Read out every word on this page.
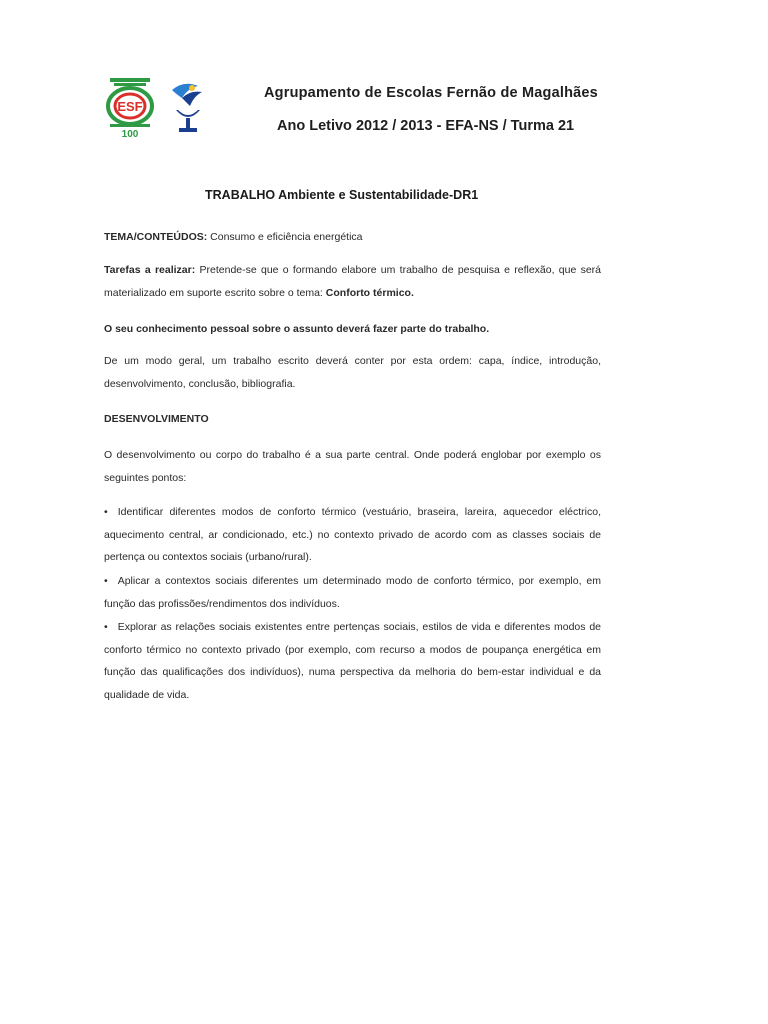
ESF
100
Agrupamento de Escolas Fernão de Magalhães
Ano Letivo 2012 / 2013 - EFA-NS / Turma 21
TRABALHO Ambiente e Sustentabilidade-DR1
TEMA/CONTEÚDOS: Consumo e eficiência energética
Tarefas a realizar: Pretende-se que o formando elabore um trabalho de pesquisa e reflexão, que será materializado em suporte escrito sobre o tema: Conforto térmico.
O seu conhecimento pessoal sobre o assunto deverá fazer parte do trabalho.
De um modo geral, um trabalho escrito deverá conter por esta ordem: capa, índice, introdução, desenvolvimento, conclusão, bibliografia.
DESENVOLVIMENTO
O desenvolvimento ou corpo do trabalho é a sua parte central. Onde poderá englobar por exemplo os seguintes pontos:
• Identificar diferentes modos de conforto térmico (vestuário, braseira, lareira, aquecedor eléctrico, aquecimento central, ar condicionado, etc.) no contexto privado de acordo com as classes sociais de pertença ou contextos sociais (urbano/rural).
• Aplicar a contextos sociais diferentes um determinado modo de conforto térmico, por exemplo, em função das profissões/rendimentos dos indivíduos.
• Explorar as relações sociais existentes entre pertenças sociais, estilos de vida e diferentes modos de conforto térmico no contexto privado (por exemplo, com recurso a modos de poupança energética em função das qualificações dos indivíduos), numa perspectiva da melhoria do bem-estar individual e da qualidade de vida.
